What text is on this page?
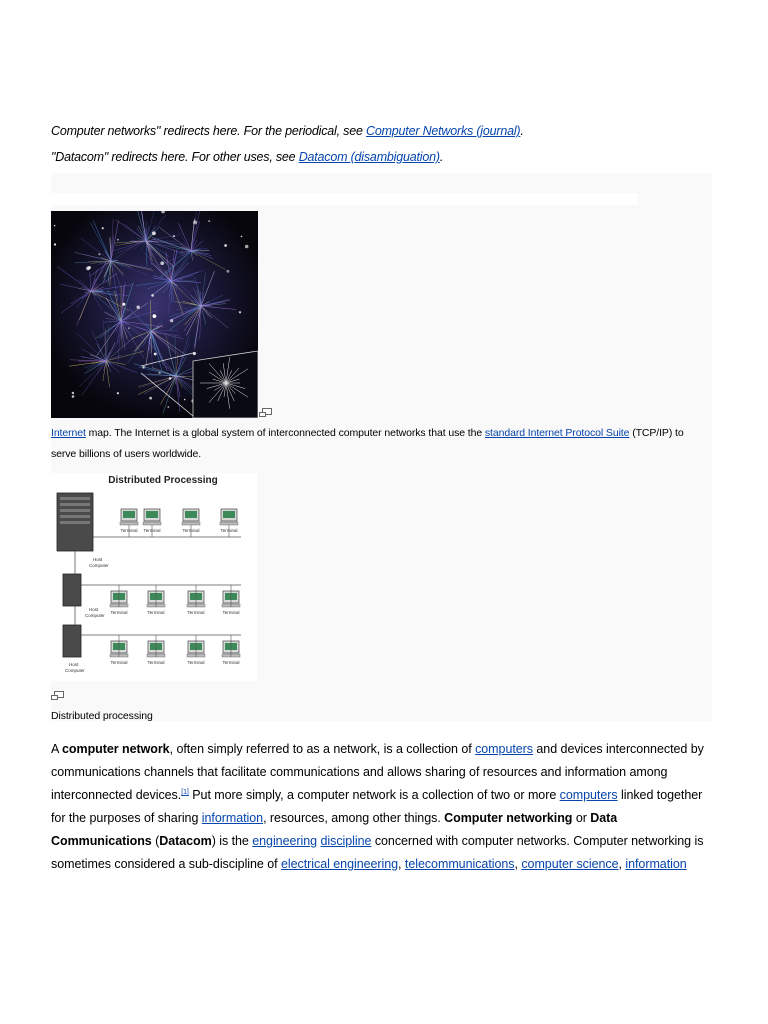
Computer networks" redirects here. For the periodical, see Computer Networks (journal).
"Datacom" redirects here. For other uses, see Datacom (disambiguation).
Internet map. The Internet is a global system of interconnected computer networks that use the standard Internet Protocol Suite (TCP/IP) to serve billions of users worldwide.
Distributed Processing
Host
Computer
Host
Computer
Host
Computer
Terminal Terminal	Terminal	Terminal
Terminal	Terminal	Terminal	Terminal
Terminal	Terminal	Terminal	Terminal
Distributed processing
A computer network, often simply referred to as a network, is a collection of computers and devices interconnected by communications channels that facilitate communications and allows sharing of resources and information among interconnected devices.[1] Put more simply, a computer network is a collection of two or more computers linked together for the purposes of sharing information, resources, among other things. Computer networking or Data Communications (Datacom) is the engineering discipline concerned with computer networks. Computer networking is sometimes considered a sub-discipline of electrical engineering, telecommunications, computer science, information
